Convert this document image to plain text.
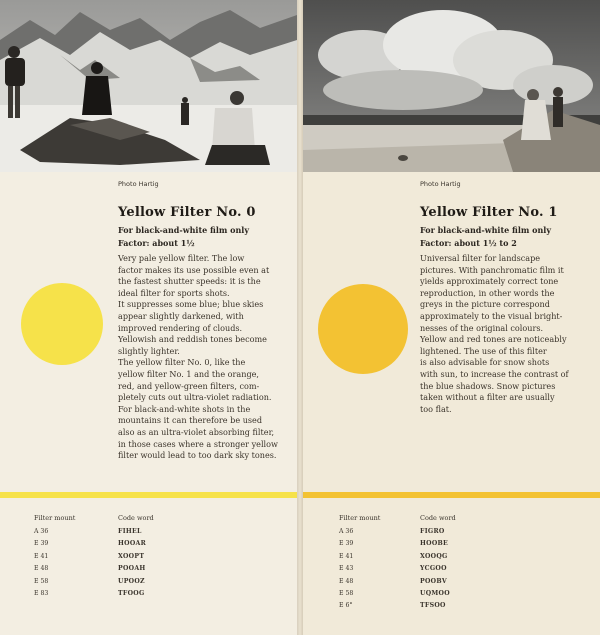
Photo Hartig
Yellow Filter No. 0
For black-and-white film only
Factor: about 1½
Very pale yellow filter. The low
factor makes its use possible even at
the fastest shutter speeds: it is the
ideal filter for sports shots.
It suppresses some blue; blue skies
appear slightly darkened, with
improved rendering of clouds.
Yellowish and reddish tones become
slightly lighter.
The yellow filter No. 0, like the
yellow filter No. 1 and the orange,
red, and yellow-green filters, com-
pletely cuts out ultra-violet radiation.
For black-and-white shots in the
mountains it can therefore be used
also as an ultra-violet absorbing filter,
in those cases where a stronger yellow
filter would lead to too dark sky tones.
Filter mount	Code word
A 36
E 39
E 41
E 48
E 58
E 83
FIHEL
HOOAR
XOOPT
POOAH
UPOOZ
TFOOG
Photo Hartig
Yellow Filter No. 1
For black-and-white film only
Factor: about 1½ to 2
Universal filter for landscape
pictures. With panchromatic film it
yields approximately correct tone
reproduction, in other words the
greys in the picture correspond
approximately to the visual bright-
nesses of the original colours.
Yellow and red tones are noticeably
lightened. The use of this filter
is also advisable for snow shots
with sun, to increase the contrast of
the blue shadows. Snow pictures
taken without a filter are usually
too flat.
Filter mount	Code word
A 36
E 39
E 41
E 43
E 48
E 58
E 6°
FIGRO
HOOBE
XOOQG
YCGOO
POOBV
UQMOO
TFSOO
